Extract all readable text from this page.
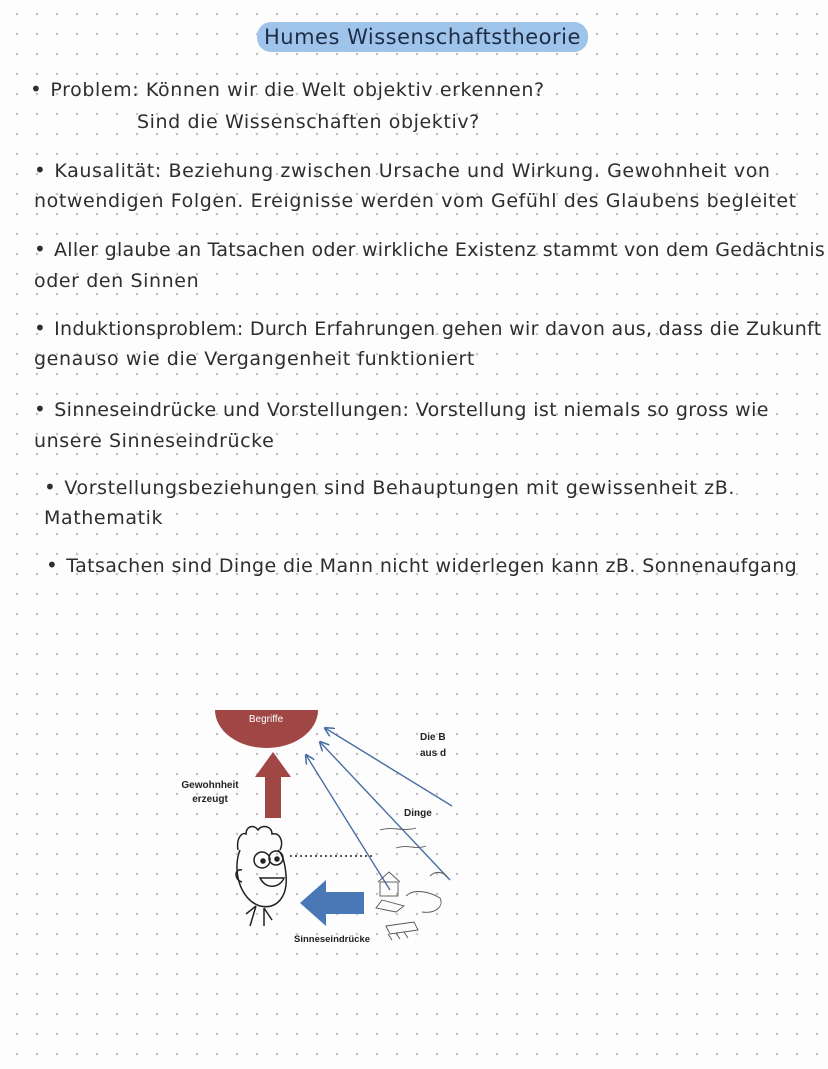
Humes Wissenschaftstheorie
• Problem: Können wir die Welt objektiv erkennen?
Sind die Wissenschaften objektiv?
• Kausalität: Beziehung zwischen Ursache und Wirkung. Gewohnheit von
notwendigen Folgen. Ereignisse werden vom Gefühl des Glaubens begleitet
• Aller glaube an Tatsachen oder wirkliche Existenz stammt von dem Gedächtnis
oder den Sinnen
• Induktionsproblem: Durch Erfahrungen gehen wir davon aus, dass die Zukunft
genauso wie die Vergangenheit funktioniert
• Sinneseindrücke und Vorstellungen: Vorstellung ist niemals so gross wie
unsere Sinneseindrücke
• Vorstellungsbeziehungen sind Behauptungen mit gewissenheit zB.
Mathematik
• Tatsachen sind Dinge die Mann nicht widerlegen kann zB. Sonnenaufgang
Begriffe
Gewohnheit
erzeugt
Die B
aus d
Dinge
Sinneseindrücke
